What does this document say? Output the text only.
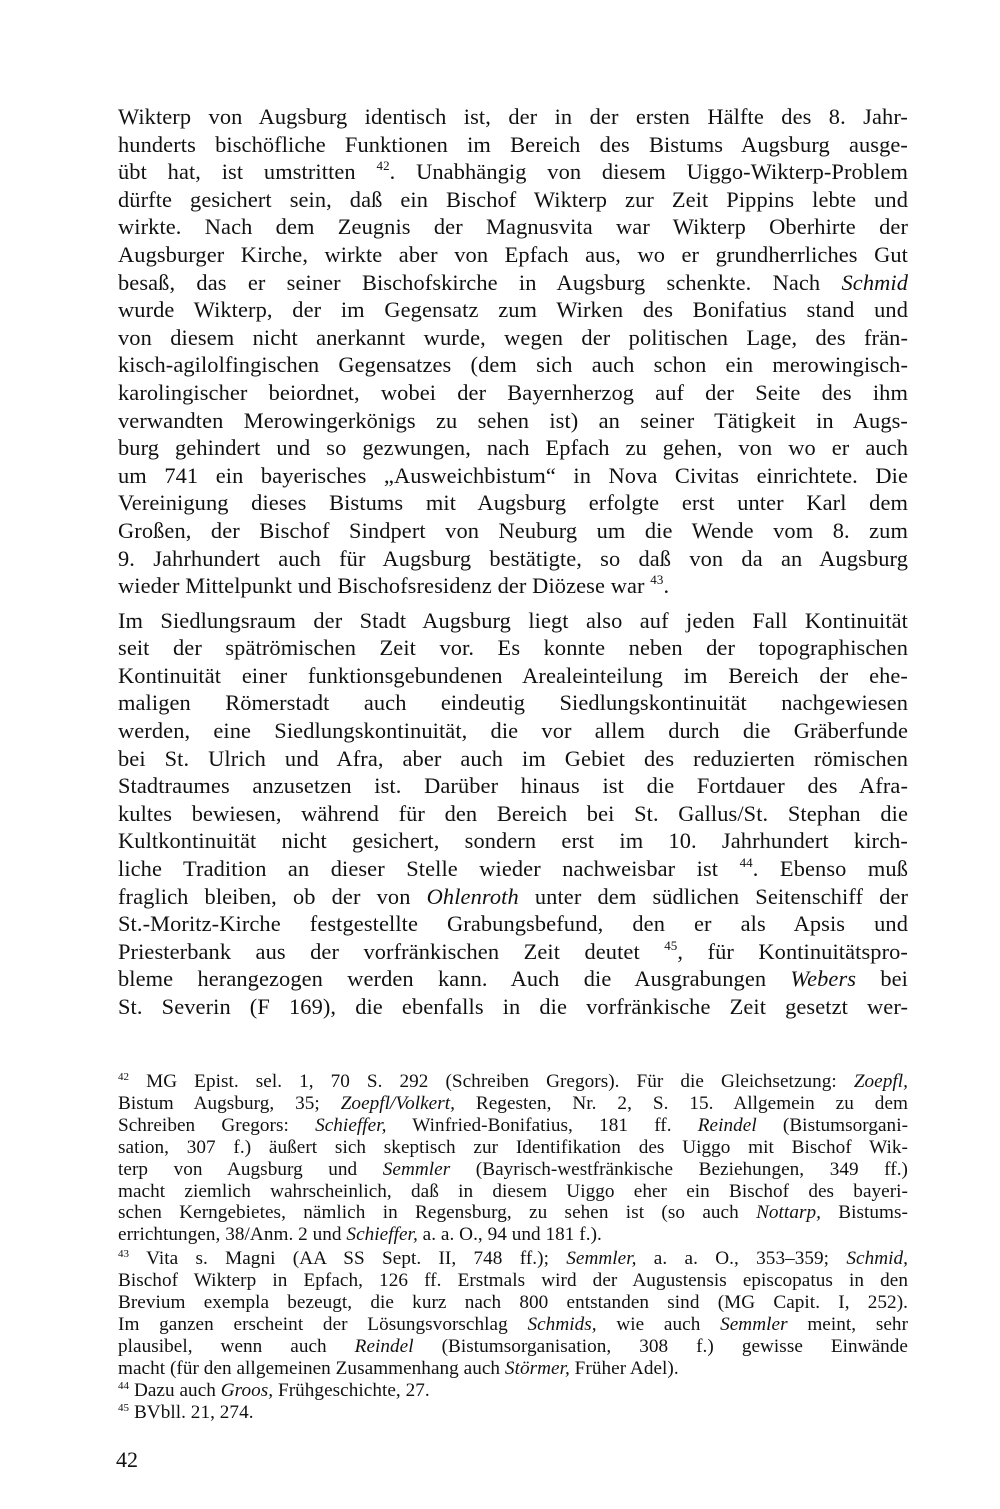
Wikterp von Augsburg identisch ist, der in der ersten Hälfte des 8. Jahr-
hunderts bischöfliche Funktionen im Bereich des Bistums Augsburg ausge-
übt hat, ist umstritten $^{42}$. Unabhängig von diesem Uiggo-Wikterp-Problem
dürfte gesichert sein, daß ein Bischof Wikterp zur Zeit Pippins lebte und
wirkte. Nach dem Zeugnis der Magnusvita war Wikterp Oberhirte der
Augsburger Kirche, wirkte aber von Epfach aus, wo er grundherrliches Gut
besaß, das er seiner Bischofskirche in Augsburg schenkte. Nach Schmid
wurde Wikterp, der im Gegensatz zum Wirken des Bonifatius stand und
von diesem nicht anerkannt wurde, wegen der politischen Lage, des frän-
kisch-agilolfingischen Gegensatzes (dem sich auch schon ein merowingisch-
karolingischer beiordnet, wobei der Bayernherzog auf der Seite des ihm
verwandten Merowingerkönigs zu sehen ist) an seiner Tätigkeit in Augs-
burg gehindert und so gezwungen, nach Epfach zu gehen, von wo er auch
um 741 ein bayerisches „Ausweichbistum“ in Nova Civitas einrichtete. Die
Vereinigung dieses Bistums mit Augsburg erfolgte erst unter Karl dem
Großen, der Bischof Sindpert von Neuburg um die Wende vom 8. zum
9. Jahrhundert auch für Augsburg bestätigte, so daß von da an Augsburg
wieder Mittelpunkt und Bischofsresidenz der Diözese war $^{43}$.
Im Siedlungsraum der Stadt Augsburg liegt also auf jeden Fall Kontinuität
seit der spätrömischen Zeit vor. Es konnte neben der topographischen
Kontinuität einer funktionsgebundenen Arealeinteilung im Bereich der ehe-
maligen Römerstadt auch eindeutig Siedlungskontinuität nachgewiesen
werden, eine Siedlungskontinuität, die vor allem durch die Gräberfunde
bei St. Ulrich und Afra, aber auch im Gebiet des reduzierten römischen
Stadtraumes anzusetzen ist. Darüber hinaus ist die Fortdauer des Afra-
kultes bewiesen, während für den Bereich bei St. Gallus/St. Stephan die
Kultkontinuität nicht gesichert, sondern erst im 10. Jahrhundert kirch-
liche Tradition an dieser Stelle wieder nachweisbar ist $^{44}$. Ebenso muß
fraglich bleiben, ob der von Ohlenroth unter dem südlichen Seitenschiff der
St.-Moritz-Kirche festgestellte Grabungsbefund, den er als Apsis und
Priesterbank aus der vorfränkischen Zeit deutet $^{45}$, für Kontinuitätspro-
bleme herangezogen werden kann. Auch die Ausgrabungen Webers bei
St. Severin (F 169), die ebenfalls in die vorfränkische Zeit gesetzt wer-
$^{42}$ MG Epist. sel. 1, 70 S. 292 (Schreiben Gregors). Für die Gleichsetzung: Zoepfl,
Bistum Augsburg, 35; Zoepfl/Volkert, Regesten, Nr. 2, S. 15. Allgemein zu dem
Schreiben Gregors: Schieffer, Winfried-Bonifatius, 181 ff. Reindel (Bistumsorgani-
sation, 307 f.) äußert sich skeptisch zur Identifikation des Uiggo mit Bischof Wik-
terp von Augsburg und Semmler (Bayrisch-westfränkische Beziehungen, 349 ff.)
macht ziemlich wahrscheinlich, daß in diesem Uiggo eher ein Bischof des bayeri-
schen Kerngebietes, nämlich in Regensburg, zu sehen ist (so auch Nottarp, Bistums-
errichtungen, 38/Anm. 2 und Schieffer, a. a. O., 94 und 181 f.).
$^{43}$ Vita s. Magni (AA SS Sept. II, 748 ff.); Semmler, a. a. O., 353–359; Schmid,
Bischof Wikterp in Epfach, 126 ff. Erstmals wird der Augustensis episcopatus in den
Brevium exempla bezeugt, die kurz nach 800 entstanden sind (MG Capit. I, 252).
Im ganzen erscheint der Lösungsvorschlag Schmids, wie auch Semmler meint, sehr
plausibel, wenn auch Reindel (Bistumsorganisation, 308 f.) gewisse Einwände
macht (für den allgemeinen Zusammenhang auch Störmer, Früher Adel).
$^{44}$ Dazu auch Groos, Frühgeschichte, 27.
$^{45}$ BVbll. 21, 274.
42
